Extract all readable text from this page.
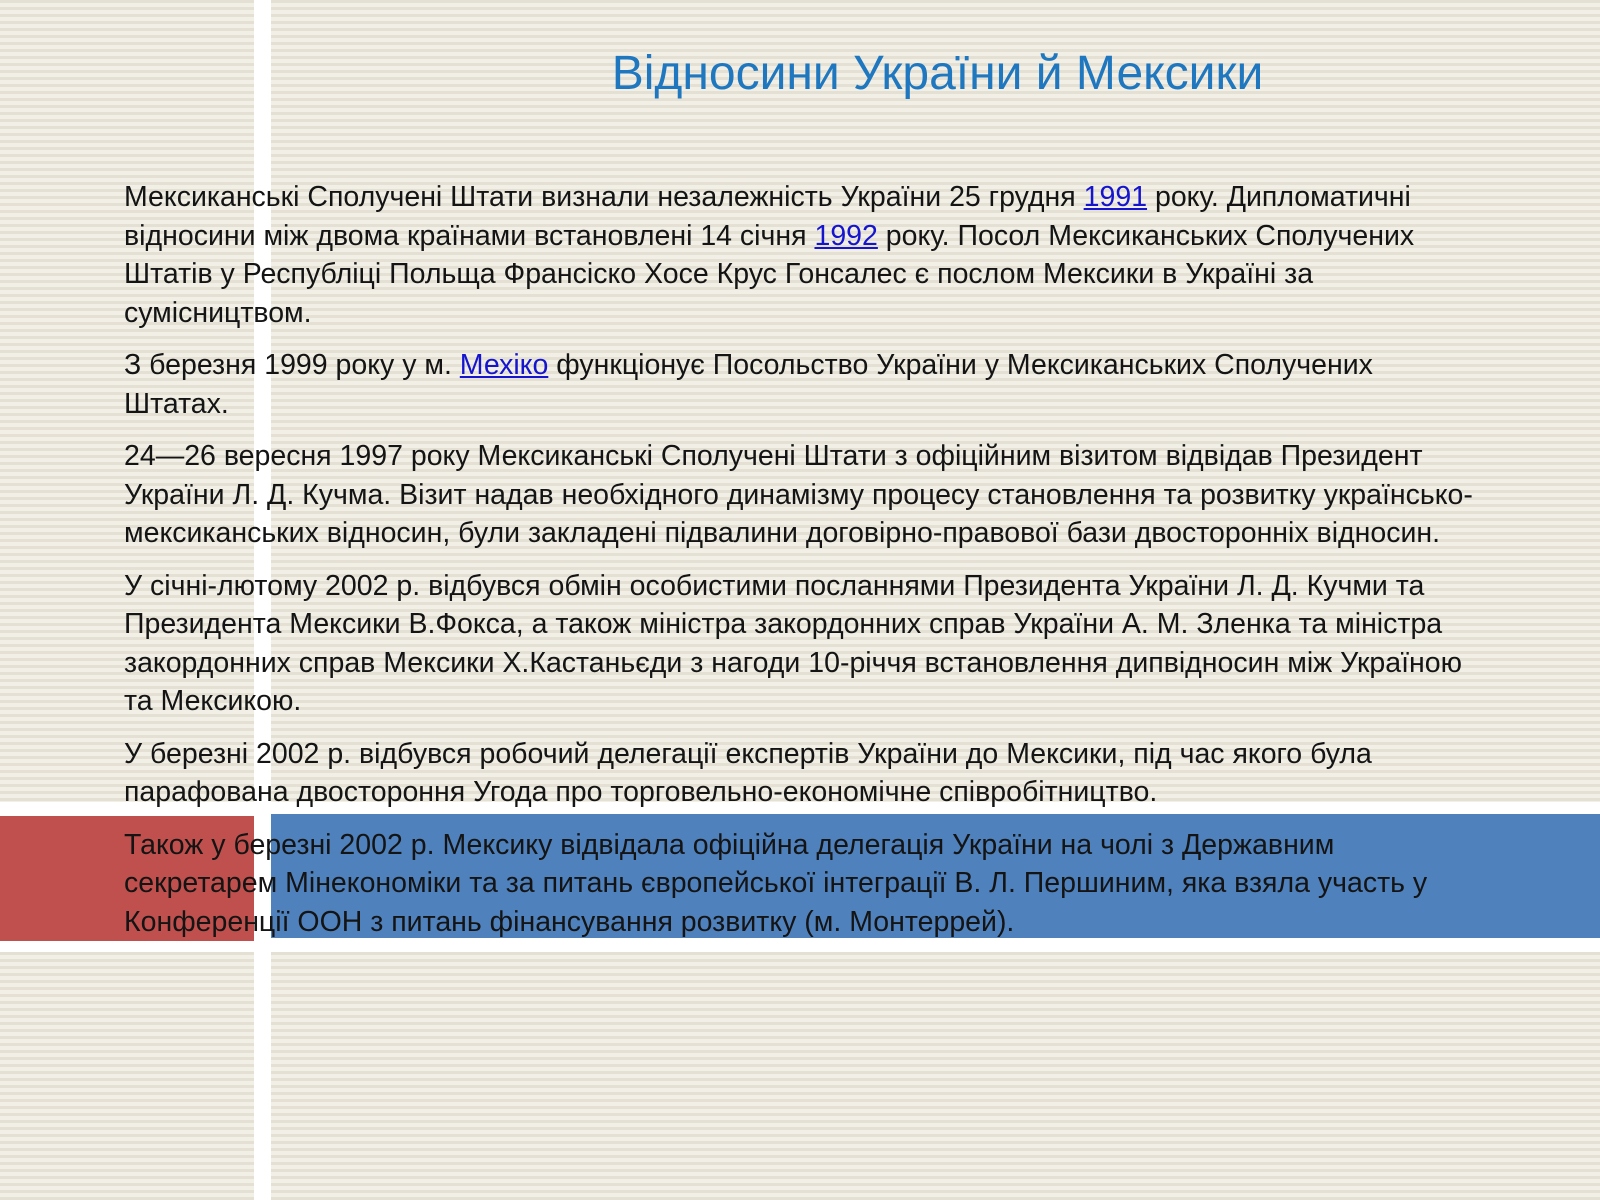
Відносини України й Мексики

Мексиканські Сполучені Штати визнали незалежність України 25 грудня 1991 року. Дипломатичні відносини між двома країнами встановлені 14 січня 1992 року. Посол Мексиканських Сполучених Штатів у Республіці Польща Франсіско Хосе Крус Гонсалес є послом Мексики в Україні за сумісництвом.

З березня 1999 року у м. Мехіко функціонує Посольство України у Мексиканських Сполучених Штатах.

24—26 вересня 1997 року Мексиканські Сполучені Штати з офіційним візитом відвідав Президент України Л. Д. Кучма. Візит надав необхідного динамізму процесу становлення та розвитку українсько-мексиканських відносин, були закладені підвалини договірно-правової бази двосторонніх відносин.

У січні-лютому 2002 р. відбувся обмін особистими посланнями Президента України Л. Д. Кучми та Президента Мексики В.Фокса, а також міністра закордонних справ України А. М. Зленка та міністра закордонних справ Мексики Х.Кастаньєди з нагоди 10-річчя встановлення дипвідносин між Україною та Мексикою.

У березні 2002 р. відбувся робочий делегації експертів України до Мексики, під час якого була парафована двостороння Угода про торговельно-економічне співробітництво.

Також у березні 2002 р. Мексику відвідала офіційна делегація України на чолі з Державним секретарем Мінекономіки та за питань європейської інтеграції В. Л. Першиним, яка взяла участь у Конференції ООН з питань фінансування розвитку (м. Монтеррей).
